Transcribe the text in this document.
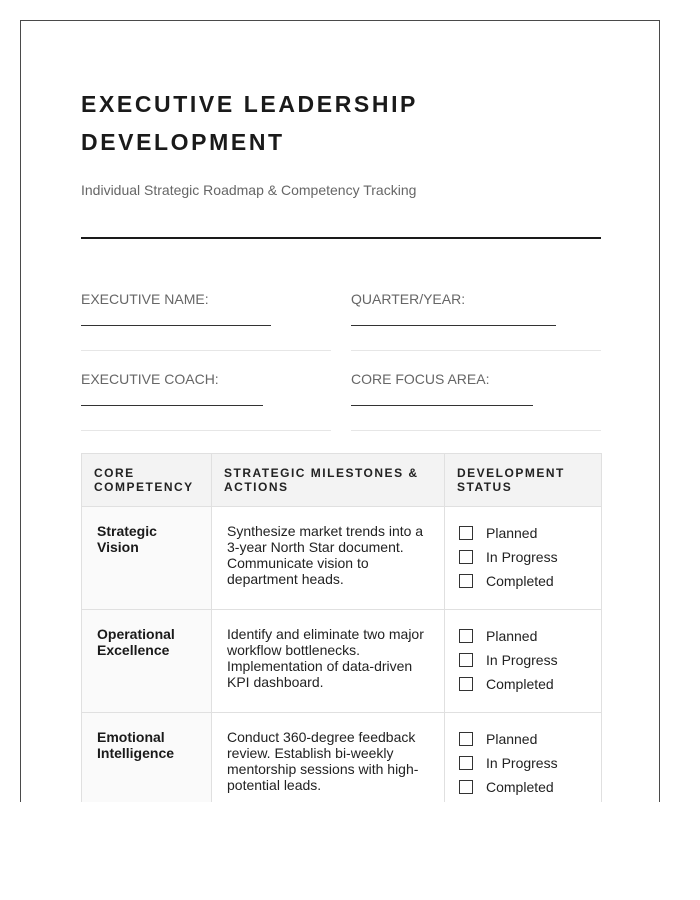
EXECUTIVE LEADERSHIP DEVELOPMENT
Individual Strategic Roadmap & Competency Tracking
EXECUTIVE NAME:	QUARTER/YEAR:
EXECUTIVE COACH:	CORE FOCUS AREA:
CORE COMPETENCY	STRATEGIC MILESTONES & ACTIONS	DEVELOPMENT STATUS
Strategic Vision	Synthesize market trends into a 3-year North Star document. Communicate vision to department heads.	Planned
In Progress
Completed

Operational Excellence	Identify and eliminate two major workflow bottlenecks. Implementation of data-driven KPI dashboard.	Planned
In Progress
Completed

Emotional Intelligence	Conduct 360-degree feedback review. Establish bi-weekly mentorship sessions with high-potential leads.	Planned
In Progress
Completed
